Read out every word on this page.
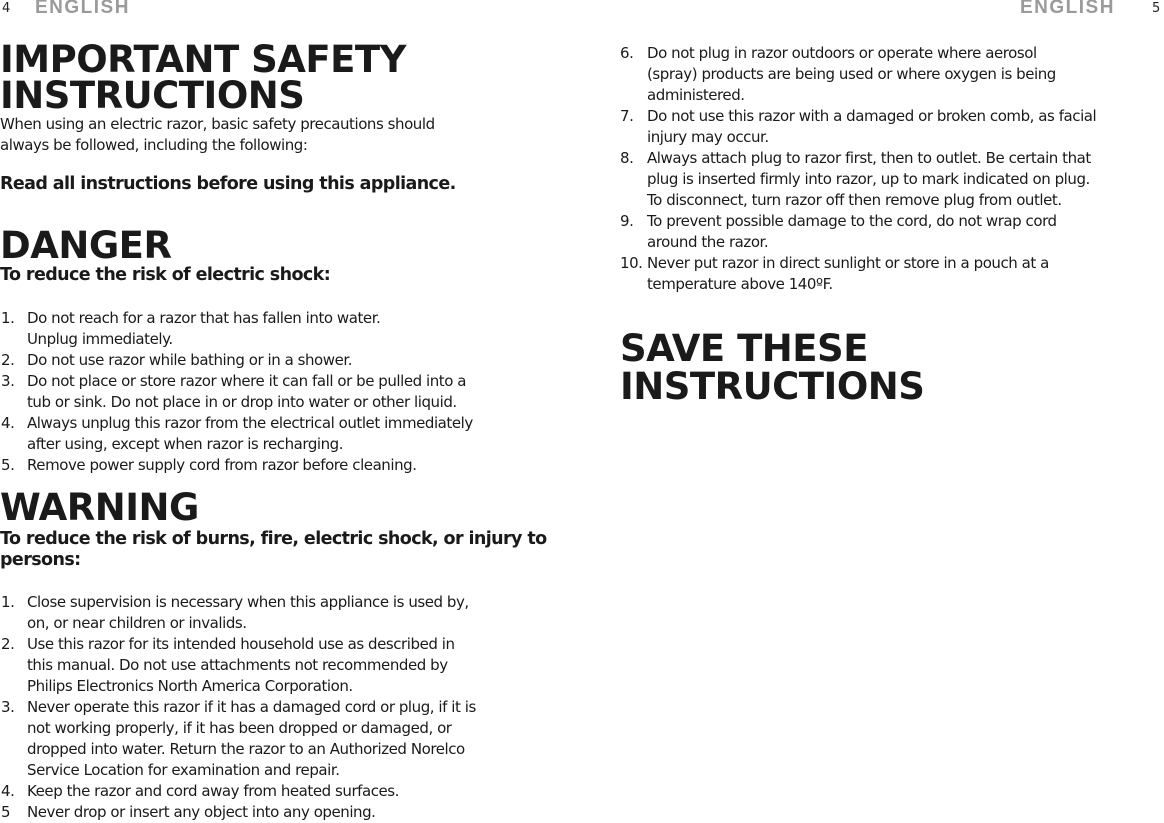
4 ENGLISH
IMPORTANT SAFETY
INSTRUCTIONS
When using an electric razor, basic safety precautions should
always be followed, including the following:
Read all instructions before using this appliance.
DANGER
To reduce the risk of electric shock:
1. Do not reach for a razor that has fallen into water.
Unplug immediately.
2. Do not use razor while bathing or in a shower.
3. Do not place or store razor where it can fall or be pulled into a
tub or sink. Do not place in or drop into water or other liquid.
4. Always unplug this razor from the electrical outlet immediately
after using, except when razor is recharging.
5. Remove power supply cord from razor before cleaning.
WARNING
To reduce the risk of burns, fire, electric shock, or injury to
persons:
1. Close supervision is necessary when this appliance is used by,
on, or near children or invalids.
2. Use this razor for its intended household use as described in
this manual. Do not use attachments not recommended by
Philips Electronics North America Corporation.
3. Never operate this razor if it has a damaged cord or plug, if it is
not working properly, if it has been dropped or damaged, or
dropped into water. Return the razor to an Authorized Norelco
Service Location for examination and repair.
4. Keep the razor and cord away from heated surfaces.
5 Never drop or insert any object into any opening.
ENGLISH	5
6. Do not plug in razor outdoors or operate where aerosol
(spray) products are being used or where oxygen is being
administered.
7. Do not use this razor with a damaged or broken comb, as facial
injury may occur.
8. Always attach plug to razor first, then to outlet. Be certain that
plug is inserted firmly into razor, up to mark indicated on plug.
To disconnect, turn razor off then remove plug from outlet.
9. To prevent possible damage to the cord, do not wrap cord
around the razor.
10. Never put razor in direct sunlight or store in a pouch at a
temperature above 140ºF.
SAVE THESE
INSTRUCTIONS
